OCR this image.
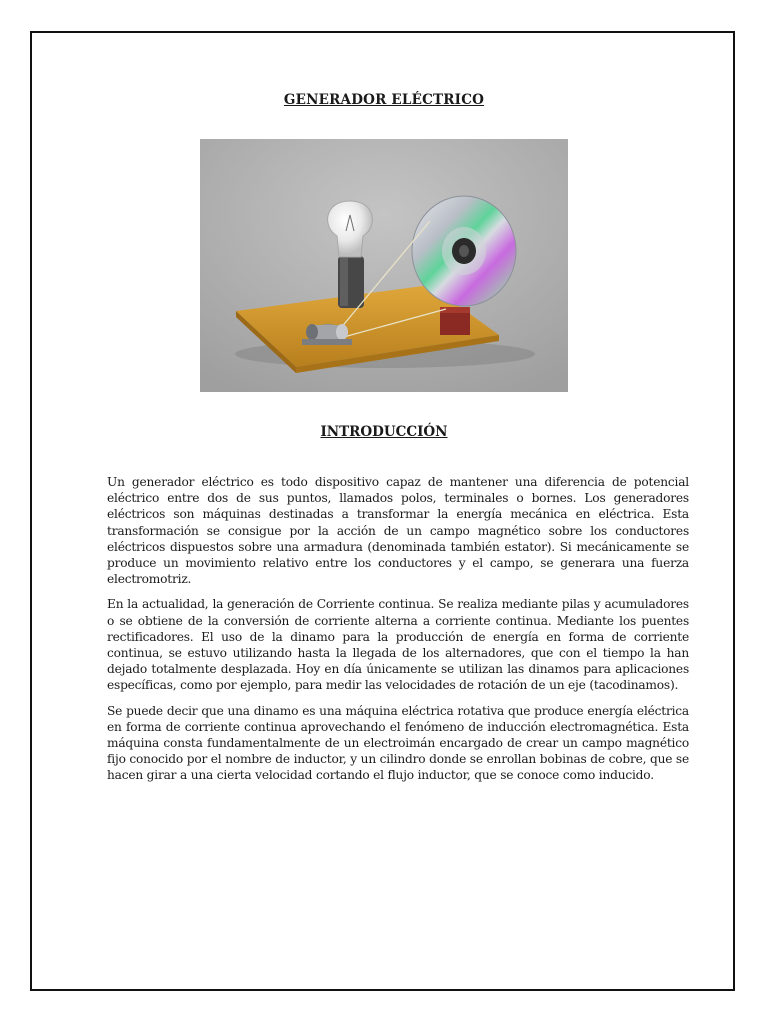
GENERADOR ELÉCTRICO
INTRODUCCIÓN

Un generador eléctrico es todo dispositivo capaz de mantener una diferencia de potencial eléctrico entre dos de sus puntos, llamados polos, terminales o bornes. Los generadores eléctricos son máquinas destinadas a transformar la energía mecánica en eléctrica. Esta transformación se consigue por la acción de un campo magnético sobre los conductores eléctricos dispuestos sobre una armadura (denominada también estator). Si mecánicamente se produce un movimiento relativo entre los conductores y el campo, se generara una fuerza electromotriz.

En la actualidad, la generación de Corriente continua. Se realiza mediante pilas y acumuladores o se obtiene de la conversión de corriente alterna a corriente continua. Mediante los puentes rectificadores. El uso de la dinamo para la producción de energía en forma de corriente continua, se estuvo utilizando hasta la llegada de los alternadores, que con el tiempo la han dejado totalmente desplazada. Hoy en día únicamente se utilizan las dinamos para aplicaciones específicas, como por ejemplo, para medir las velocidades de rotación de un eje (tacodinamos).

Se puede decir que una dinamo es una máquina eléctrica rotativa que produce energía eléctrica en forma de corriente continua aprovechando el fenómeno de inducción electromagnética. Esta máquina consta fundamentalmente de un electroimán encargado de crear un campo magnético fijo conocido por el nombre de inductor, y un cilindro donde se enrollan bobinas de cobre, que se hacen girar a una cierta velocidad cortando el flujo inductor, que se conoce como inducido.
